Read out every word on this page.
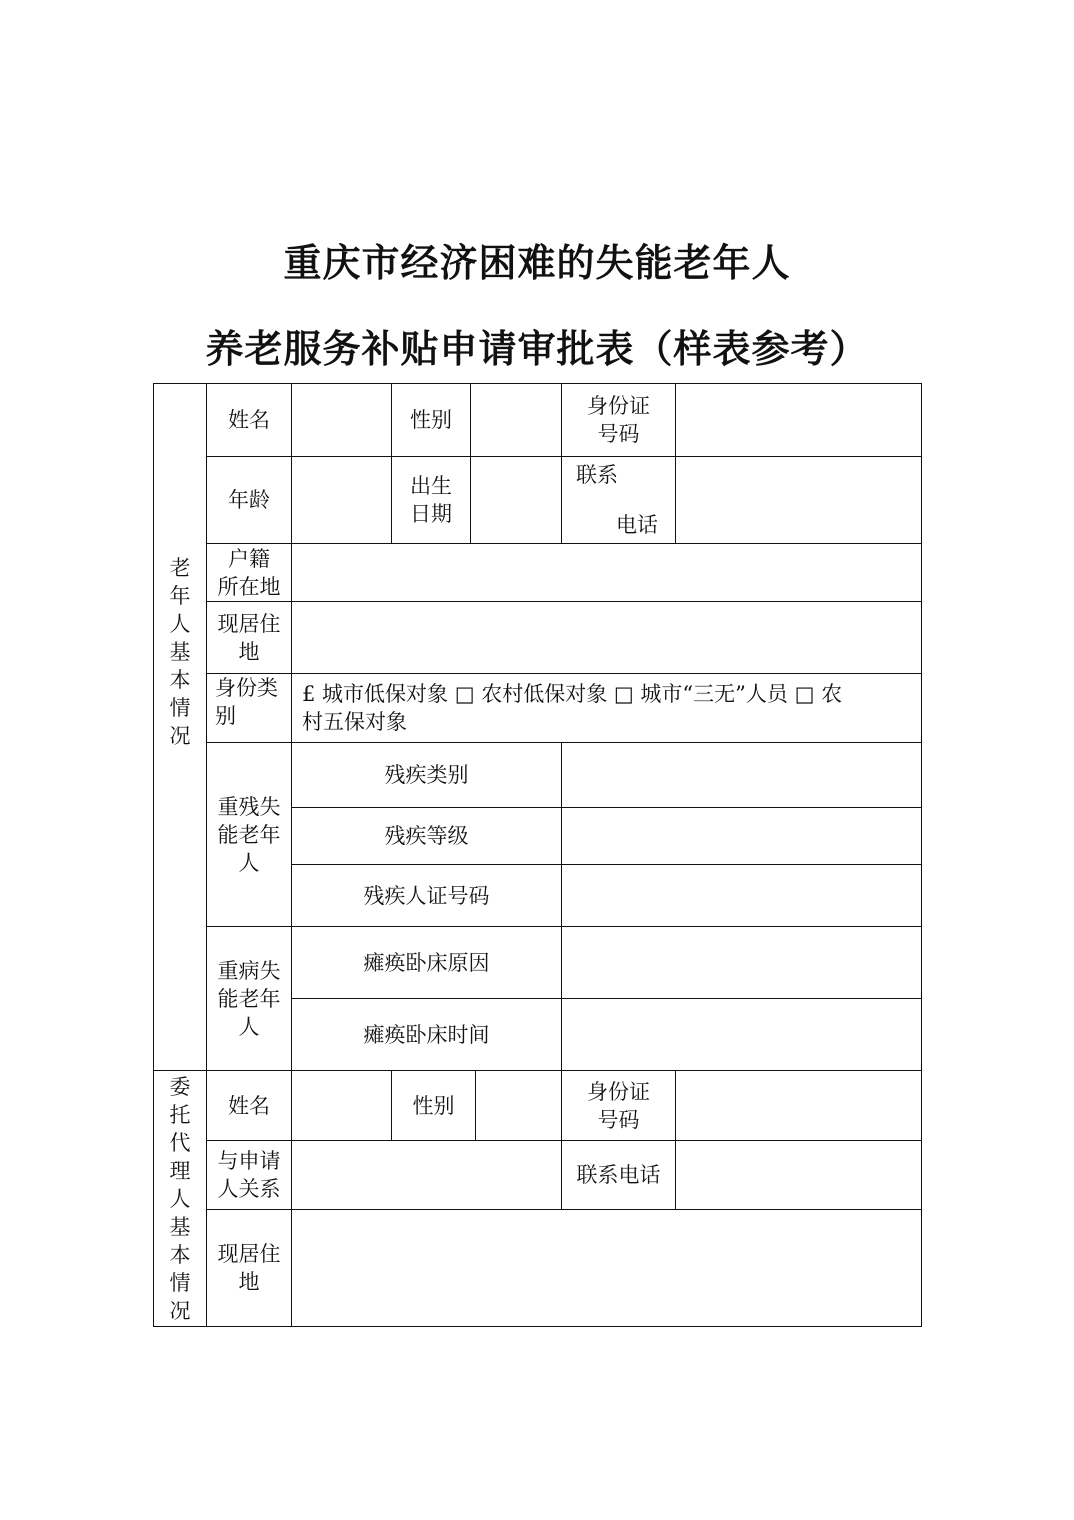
重庆市经济困难的失能老年人
养老服务补贴申请审批表（样表参考）
老
年
人
基
本
情
况
姓名	性别
身份证
号码
年龄
出生
日期
联系
电话
户籍
所在地
现居住
地
身份类
别
£ 城市低保对象 □ 农村低保对象 □ 城市“三无”人员 □ 农
村五保对象
重残失
能老年
人
残疾类别
残疾等级
残疾人证号码
重病失
能老年
人
瘫痪卧床原因
瘫痪卧床时间
委
托
代
理
人
基
本
情
况
姓名	性别
身份证
号码
与申请
人关系
联系电话
现居住
地
